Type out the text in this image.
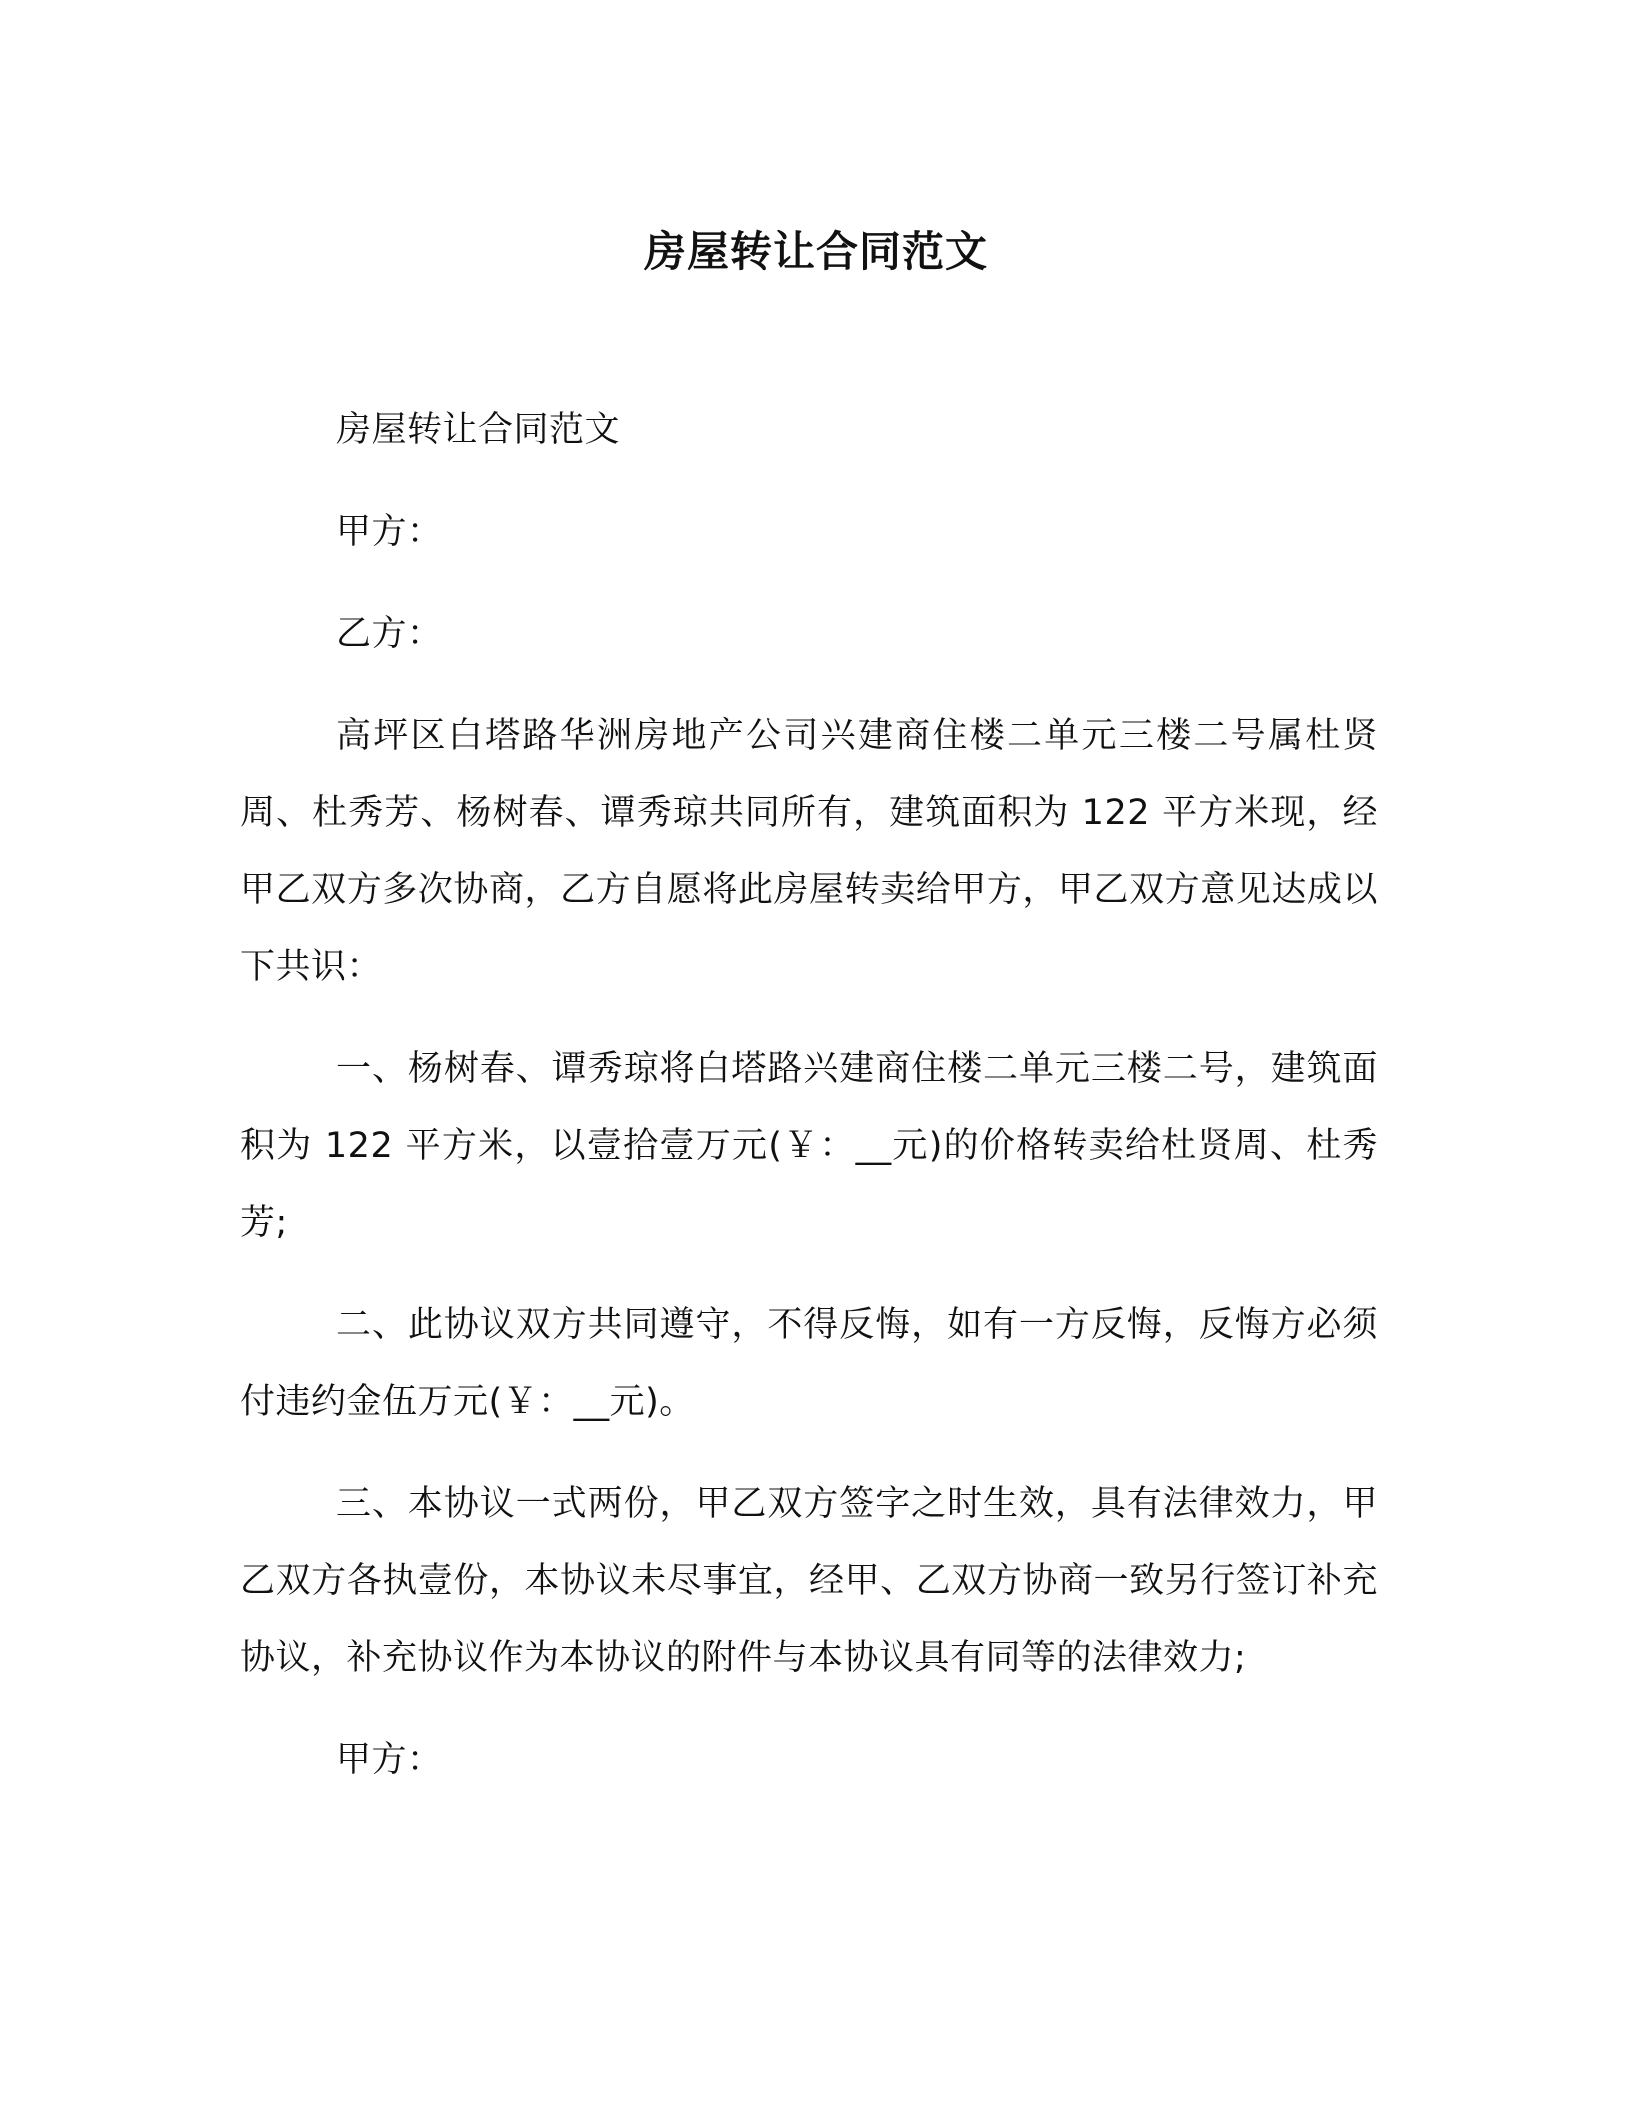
房屋转让合同范文

房屋转让合同范文

甲方：

乙方：

高坪区白塔路华洲房地产公司兴建商住楼二单元三楼二号属杜贤周、杜秀芳、杨树春、谭秀琼共同所有，建筑面积为 122 平方米现，经甲乙双方多次协商，乙方自愿将此房屋转卖给甲方，甲乙双方意见达成以下共识：

一、杨树春、谭秀琼将白塔路兴建商住楼二单元三楼二号，建筑面积为 122 平方米，以壹拾壹万元(￥：__元)的价格转卖给杜贤周、杜秀芳;

二、此协议双方共同遵守，不得反悔，如有一方反悔，反悔方必须付违约金伍万元(￥：__元)。

三、本协议一式两份，甲乙双方签字之时生效，具有法律效力，甲乙双方各执壹份，本协议未尽事宜，经甲、乙双方协商一致另行签订补充协议，补充协议作为本协议的附件与本协议具有同等的法律效力;

甲方：
